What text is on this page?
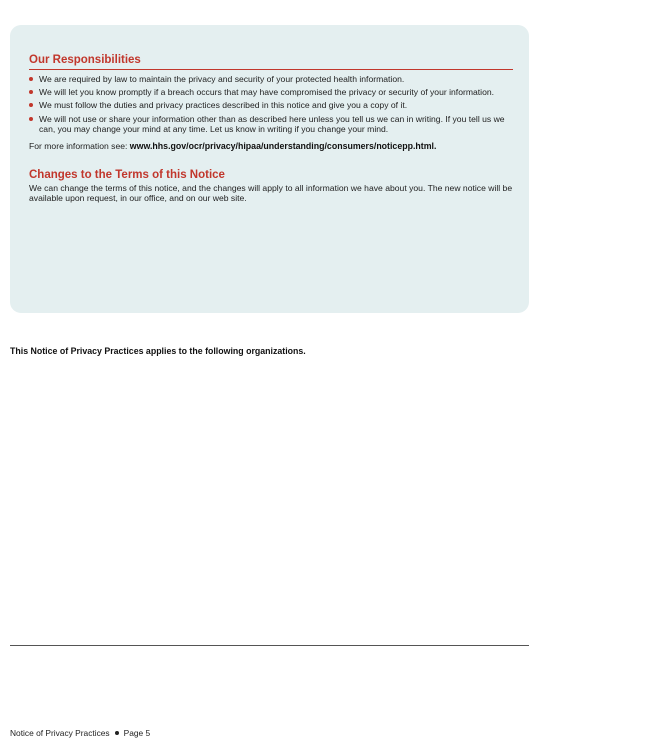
Our Responsibilities
We are required by law to maintain the privacy and security of your protected health information.
We will let you know promptly if a breach occurs that may have compromised the privacy or security of your information.
We must follow the duties and privacy practices described in this notice and give you a copy of it.
We will not use or share your information other than as described here unless you tell us we can in writing. If you tell us we can, you may change your mind at any time. Let us know in writing if you change your mind.

For more information see: www.hhs.gov/ocr/privacy/hipaa/understanding/consumers/noticepp.html.

Changes to the Terms of this Notice

We can change the terms of this notice, and the changes will apply to all information we have about you. The new notice will be available upon request, in our office, and on our web site.

This Notice of Privacy Practices applies to the following organizations.

Notice of Privacy Practices Page 5
